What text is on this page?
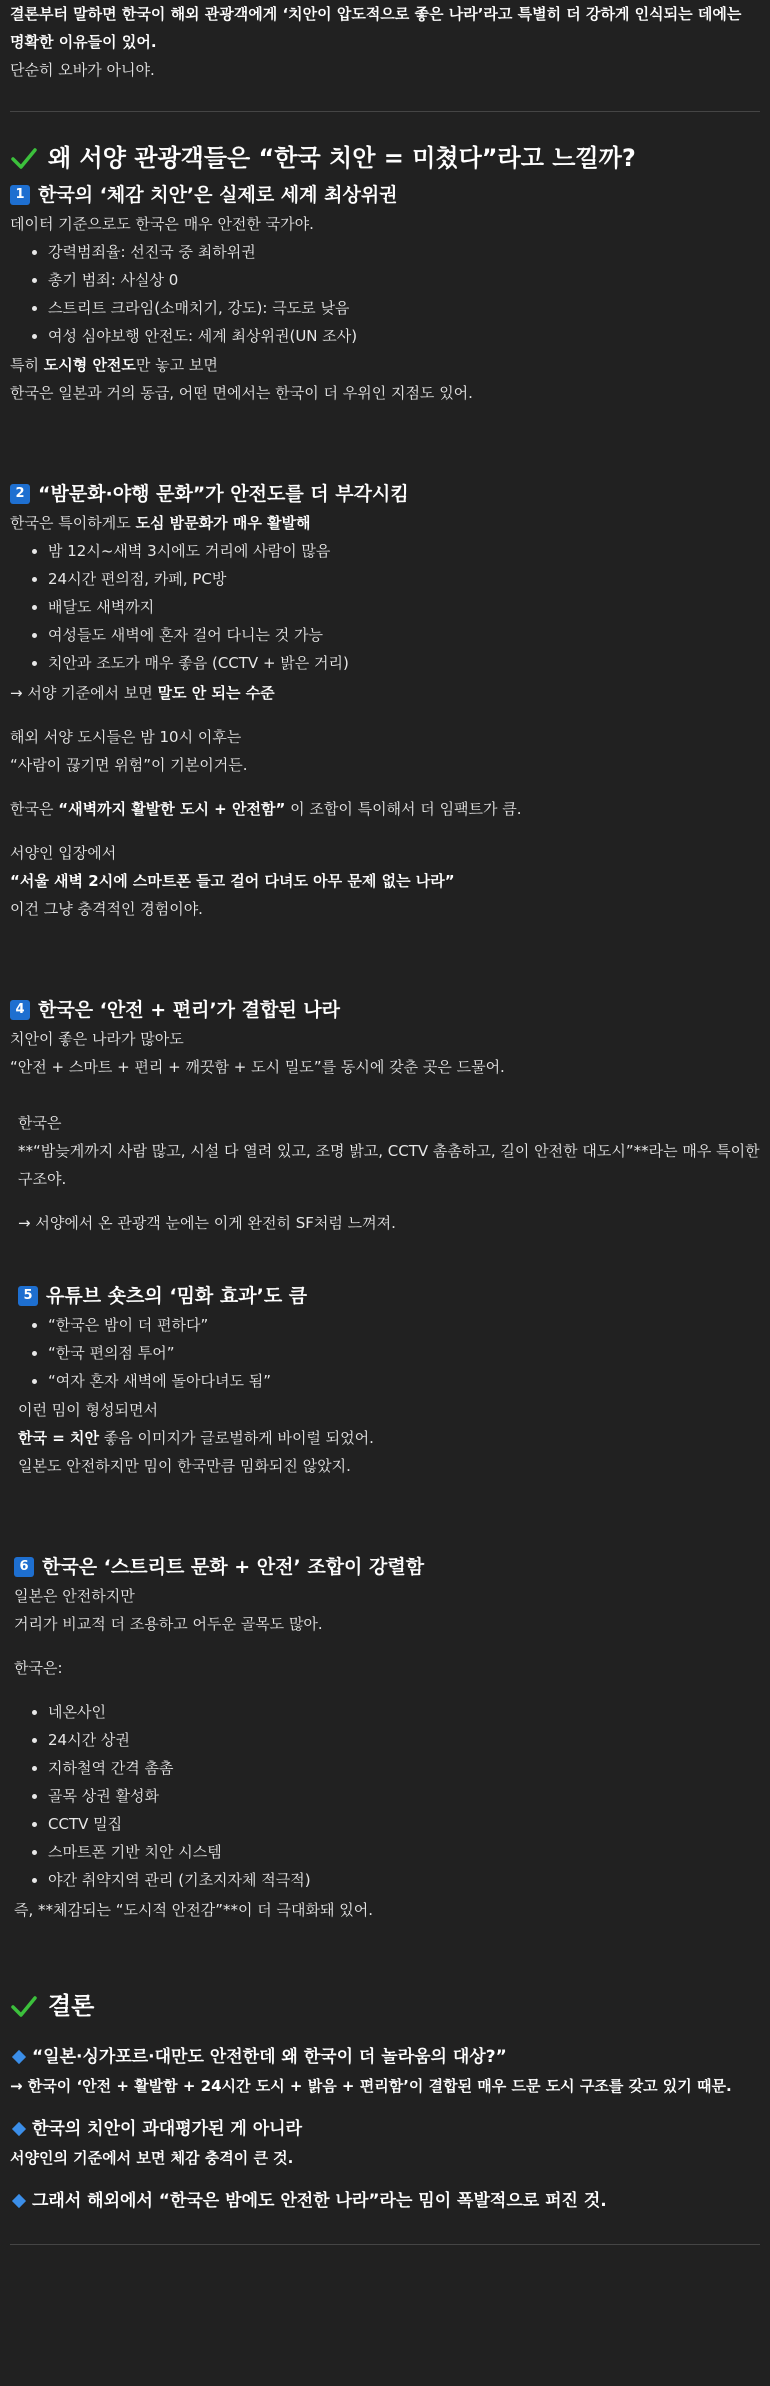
결론부터 말하면 한국이 해외 관광객에게 ‘치안이 압도적으로 좋은 나라’라고 특별히 더 강하게 인식되는 데에는 명확한 이유들이 있어.

단순히 오바가 아니야.

왜 서양 관광객들은 “한국 치안 = 미쳤다”라고 느낄까?
1 한국의 ‘체감 치안’은 실제로 세계 최상위권

데이터 기준으로도 한국은 매우 안전한 국가야.

• 강력범죄율: 선진국 중 최하위권
• 총기 범죄: 사실상 0
• 스트리트 크라임(소매치기, 강도): 극도로 낮음
• 여성 심야보행 안전도: 세계 최상위권(UN 조사)

특히 도시형 안전도만 놓고 보면

한국은 일본과 거의 동급, 어떤 면에서는 한국이 더 우위인 지점도 있어.

2 “밤문화·야행 문화”가 안전도를 더 부각시킴

한국은 특이하게도 도심 밤문화가 매우 활발해

• 밤 12시~새벽 3시에도 거리에 사람이 많음
• 24시간 편의점, 카페, PC방
• 배달도 새벽까지
• 여성들도 새벽에 혼자 걸어 다니는 것 가능
• 치안과 조도가 매우 좋음 (CCTV + 밝은 거리)

→ 서양 기준에서 보면 말도 안 되는 수준

해외 서양 도시들은 밤 10시 이후는

“사람이 끊기면 위험”이 기본이거든.

한국은 “새벽까지 활발한 도시 + 안전함” 이 조합이 특이해서 더 임팩트가 큼.

서양인 입장에서

“서울 새벽 2시에 스마트폰 들고 걸어 다녀도 아무 문제 없는 나라”

이건 그냥 충격적인 경험이야.

4 한국은 ‘안전 + 편리’가 결합된 나라

치안이 좋은 나라가 많아도

“안전 + 스마트 + 편리 + 깨끗함 + 도시 밀도”를 동시에 갖춘 곳은 드물어.

한국은

**“밤늦게까지 사람 많고, 시설 다 열려 있고, 조명 밝고, CCTV 촘촘하고, 길이 안전한 대도시”**라는 매우 특이한 구조야.

→ 서양에서 온 관광객 눈에는 이게 완전히 SF처럼 느껴져.

5 유튜브 숏츠의 ‘밈화 효과’도 큼
• “한국은 밤이 더 편하다”
• “한국 편의점 투어”
• “여자 혼자 새벽에 돌아다녀도 됨”

이런 밈이 형성되면서

한국 = 치안 좋음 이미지가 글로벌하게 바이럴 되었어.

일본도 안전하지만 밈이 한국만큼 밈화되진 않았지.

6 한국은 ‘스트리트 문화 + 안전’ 조합이 강렬함

일본은 안전하지만

거리가 비교적 더 조용하고 어두운 골목도 많아.

한국은:

• 네온사인
• 24시간 상권
• 지하철역 간격 촘촘
• 골목 상권 활성화
• CCTV 밀집
• 스마트폰 기반 치안 시스템
• 야간 취약지역 관리 (기초지자체 적극적)

즉, **체감되는 “도시적 안전감”**이 더 극대화돼 있어.

결론
“일본·싱가포르·대만도 안전한데 왜 한국이 더 놀라움의 대상?”

→ 한국이 ‘안전 + 활발함 + 24시간 도시 + 밝음 + 편리함’이 결합된 매우 드문 도시 구조를 갖고 있기 때문.

한국의 치안이 과대평가된 게 아니라

서양인의 기준에서 보면 체감 충격이 큰 것.

그래서 해외에서 “한국은 밤에도 안전한 나라”라는 밈이 폭발적으로 퍼진 것.
